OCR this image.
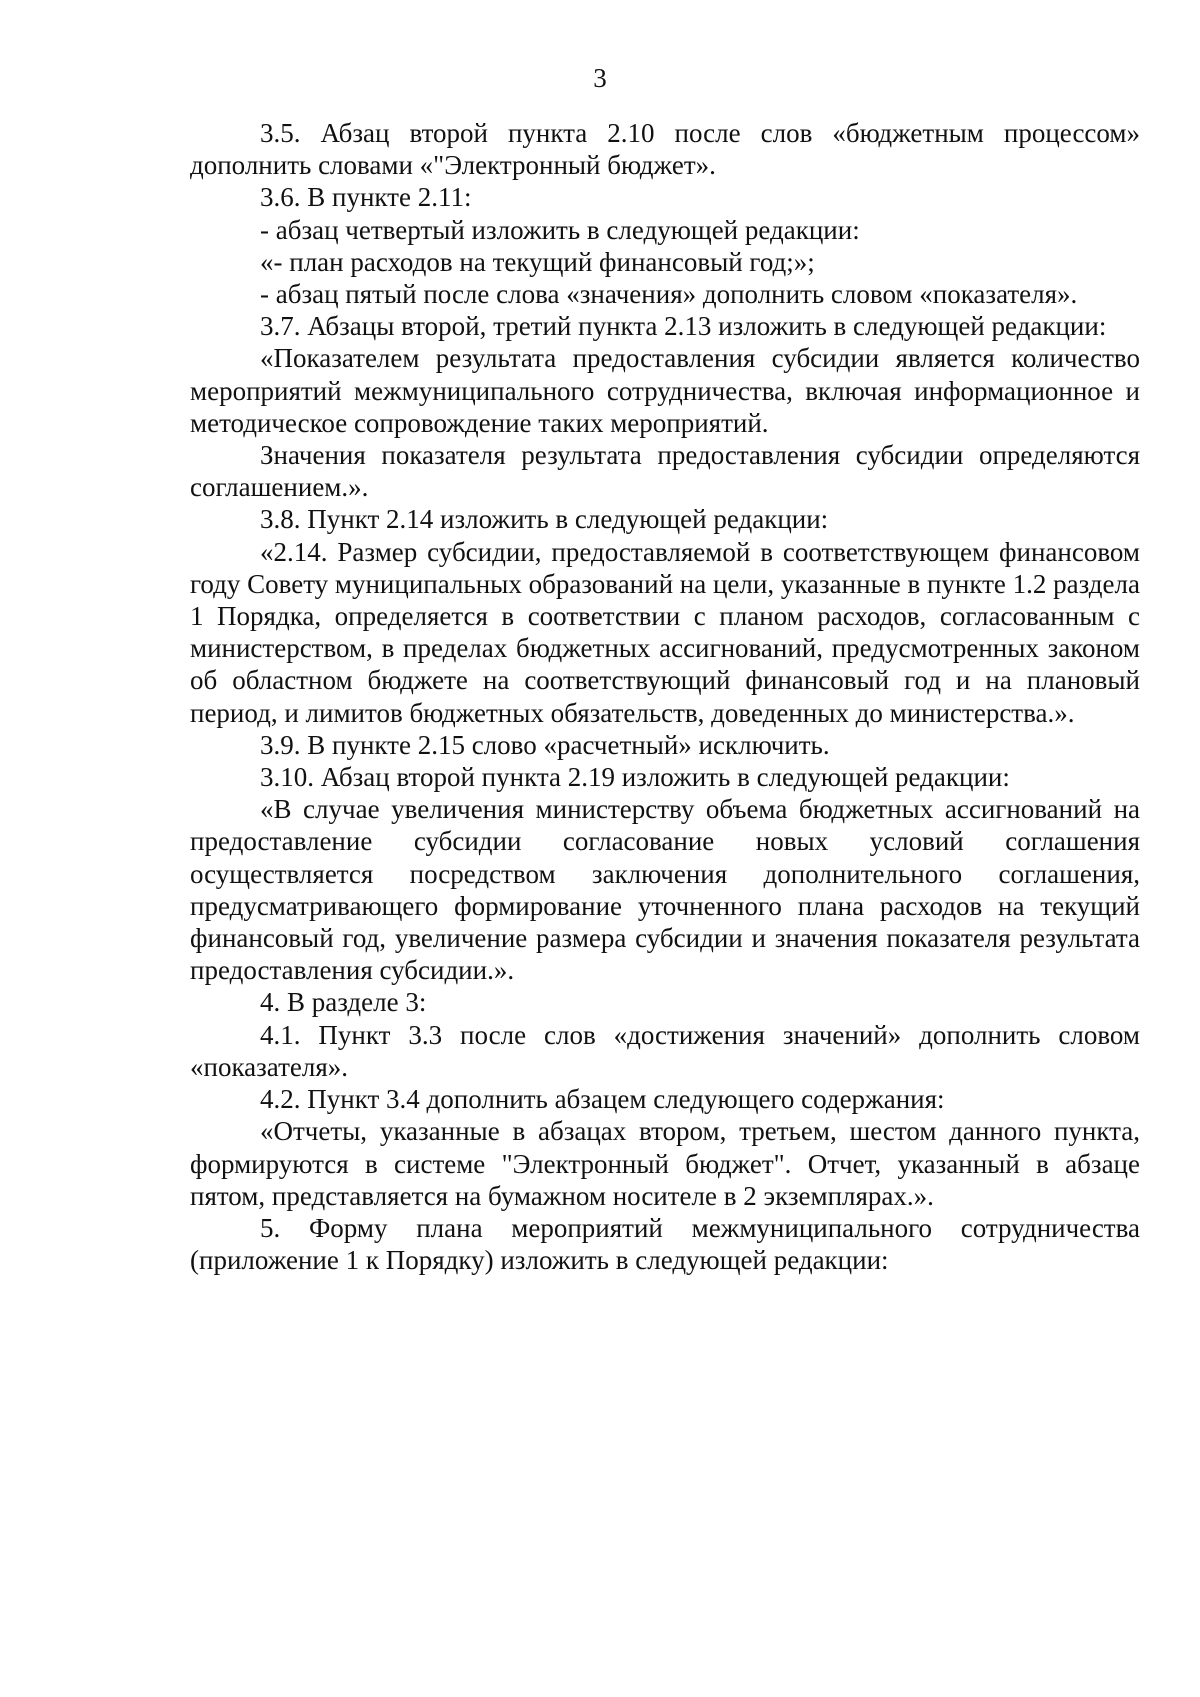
3

3.5. Абзац второй пункта 2.10 после слов «бюджетным процессом» дополнить словами «"Электронный бюджет».

3.6. В пункте 2.11:

- абзац четвертый изложить в следующей редакции:

«- план расходов на текущий финансовый год;»;

- абзац пятый после слова «значения» дополнить словом «показателя».

3.7. Абзацы второй, третий пункта 2.13 изложить в следующей редакции:

«Показателем результата предоставления субсидии является количество мероприятий межмуниципального сотрудничества, включая информационное и методическое сопровождение таких мероприятий.

Значения показателя результата предоставления субсидии определяются соглашением.».

3.8. Пункт 2.14 изложить в следующей редакции:

«2.14. Размер субсидии, предоставляемой в соответствующем финансовом году Совету муниципальных образований на цели, указанные в пункте 1.2 раздела 1 Порядка, определяется в соответствии с планом расходов, согласованным с министерством, в пределах бюджетных ассигнований, предусмотренных законом об областном бюджете на соответствующий финансовый год и на плановый период, и лимитов бюджетных обязательств, доведенных до министерства.».

3.9. В пункте 2.15 слово «расчетный» исключить.

3.10. Абзац второй пункта 2.19 изложить в следующей редакции:

«В случае увеличения министерству объема бюджетных ассигнований на предоставление субсидии согласование новых условий соглашения осуществляется посредством заключения дополнительного соглашения, предусматривающего формирование уточненного плана расходов на текущий финансовый год, увеличение размера субсидии и значения показателя результата предоставления субсидии.».

4. В разделе 3:

4.1. Пункт 3.3 после слов «достижения значений» дополнить словом «показателя».

4.2. Пункт 3.4 дополнить абзацем следующего содержания:

«Отчеты, указанные в абзацах втором, третьем, шестом данного пункта, формируются в системе "Электронный бюджет". Отчет, указанный в абзаце пятом, представляется на бумажном носителе в 2 экземплярах.».

5. Форму плана мероприятий межмуниципального сотрудничества (приложение 1 к Порядку) изложить в следующей редакции:
